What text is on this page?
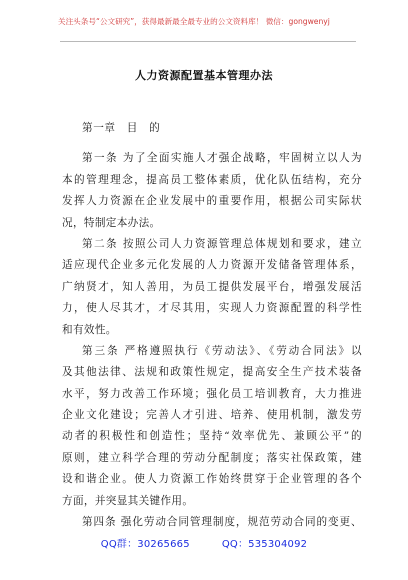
关注头条号“公文研究”，获得最新最全最专业的公文资料库！ 微信：gongwenyj
人力资源配置基本管理办法
第一章　目　的
第一条 为了全面实施人才强企战略，牢固树立以人为
本的管理理念，提高员工整体素质，优化队伍结构，充分
发挥人力资源在企业发展中的重要作用，根据公司实际状
况，特制定本办法。
第二条 按照公司人力资源管理总体规划和要求，建立
适应现代企业多元化发展的人力资源开发储备管理体系，
广纳贤才，知人善用，为员工提供发展平台，增强发展活
力，使人尽其才，才尽其用，实现人力资源配置的科学性
和有效性。
第三条 严格遵照执行《劳动法》、《劳动合同法》以
及其他法律、法规和政策性规定，提高安全生产技术装备
水平，努力改善工作环境；强化员工培训教育，大力推进
企业文化建设；完善人才引进、培养、使用机制，激发劳
动者的积极性和创造性；坚持“效率优先、兼顾公平”的
原则，建立科学合理的劳动分配制度；落实社保政策，建
设和谐企业。使人力资源工作始终贯穿于企业管理的各个
方面，并突显其关键作用。
第四条 强化劳动合同管理制度，规范劳动合同的变更、
QQ群：30265665	QQ：535304092
